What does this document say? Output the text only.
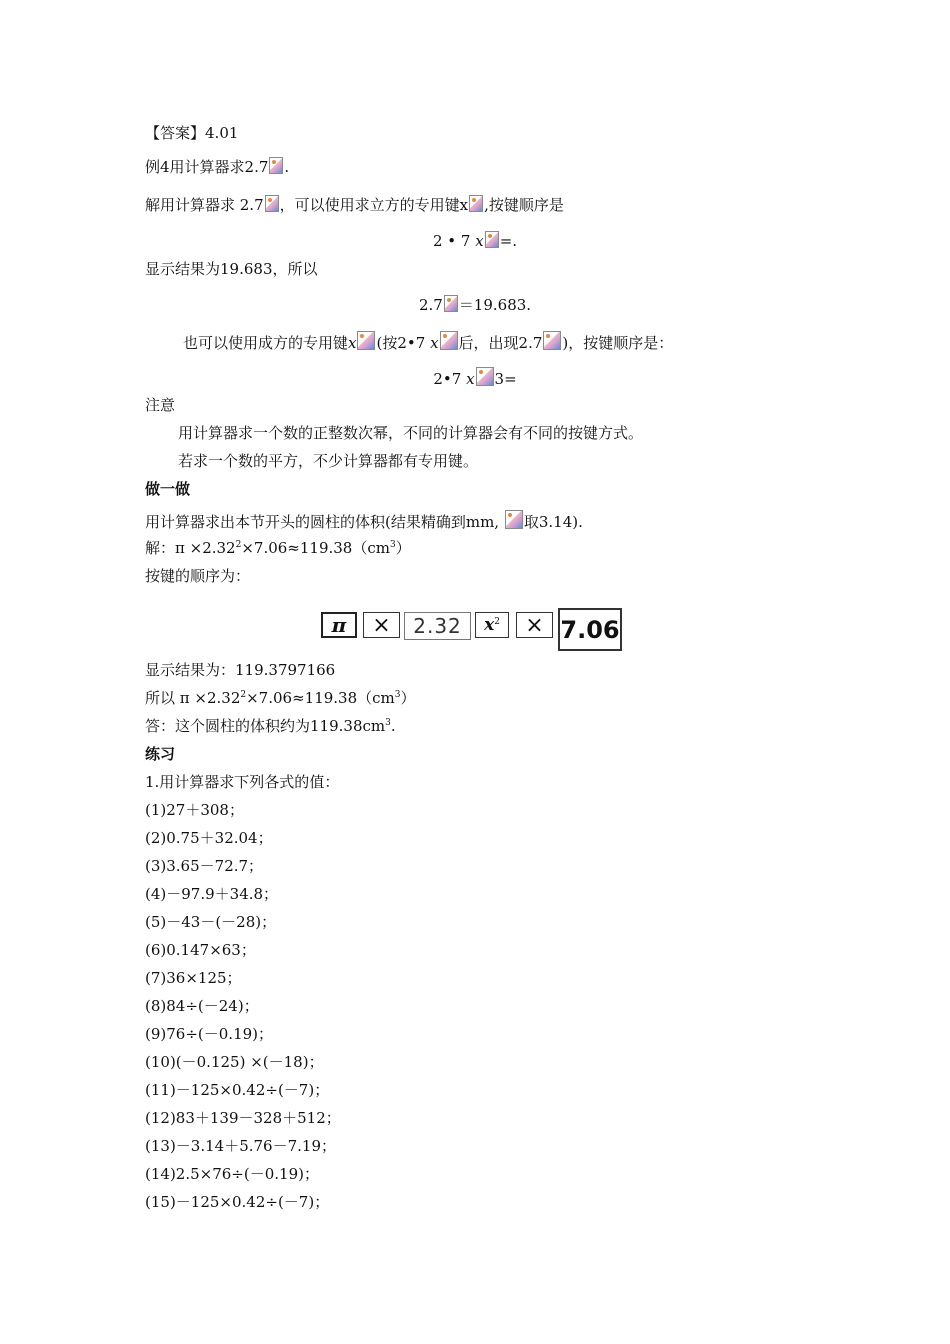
【答案】4.01
例4用计算器求2.7 .
解用计算器求 2.7 ，可以使用求立方的专用键x ,按键顺序是
2 • 7 x =.
显示结果为19.683，所以
2.7 ＝19.683.
也可以使用成方的专用键x (按2•7 x 后，出现2.7 )，按键顺序是：
2•7 x 3=
注意
用计算器求一个数的正整数次幂，不同的计算器会有不同的按键方式。
若求一个数的平方，不少计算器都有专用键。
做一做
用计算器求出本节开头的圆柱的体积(结果精确到mm, 取3.14).
解：$\pi \times 2.32^2\times 7.06\approx 119.38(cm^3)$
按键的顺序为：
π × 2.32 $x^2 \times 7.06$
显示结果为：119.3797166
所以 $\pi \times 2.32^2\times 7.06\approx 119.38(cm^3)$
答：这个圆柱的体积约为$119.38cm^3$.
练习
1.用计算器求下列各式的值：
(1)27＋308；
(2)0.75＋32.04；
(3)3.65－72.7；
(4)－97.9＋34.8；
(5)－43－(－28)；
(6)0.147×63；
(7)36×125；
(8)84÷(－24)；
(9)76÷(－0.19)；
(10)(－0.125) ×(－18)；
(11)－125×0.42÷(－7)；
(12)83＋139－328＋512；
(13)－3.14＋5.76－7.19；
(14)2.5×76÷(－0.19)；
(15)－125×0.42÷(－7)；
